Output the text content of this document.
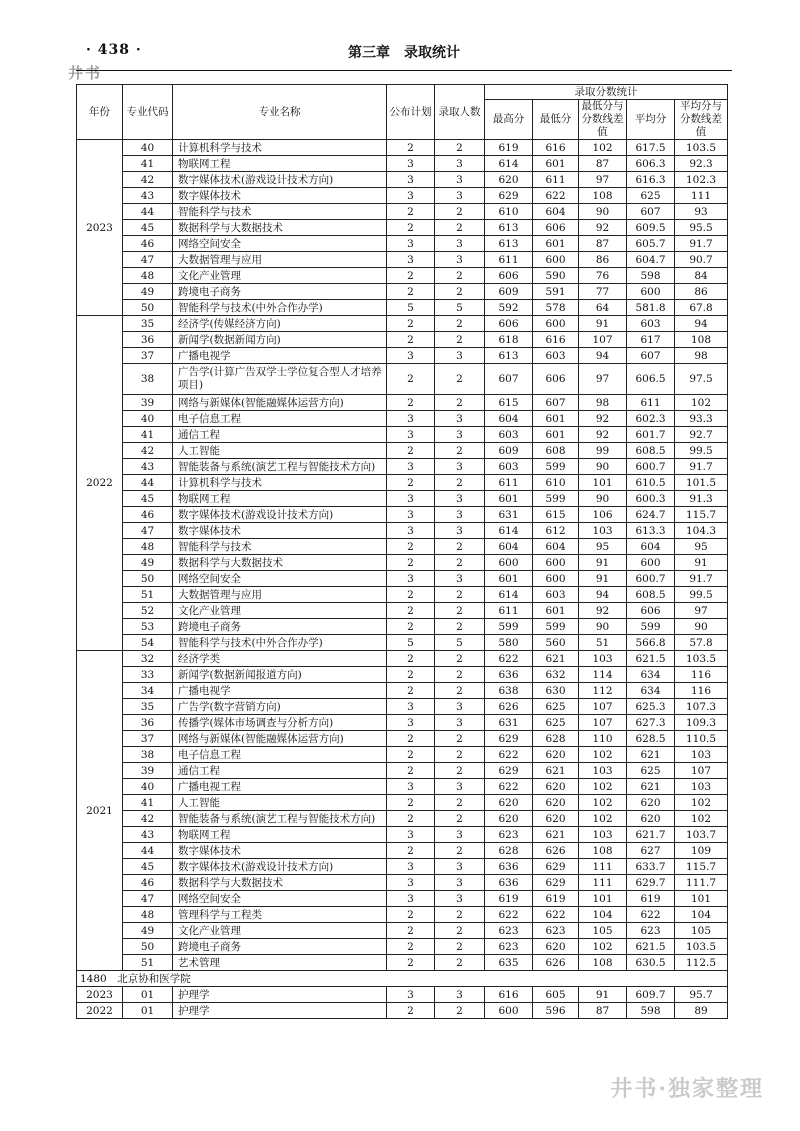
· 438 ·	第三章　录取统计
井书
年份	专业代码	专业名称	公布计划	录取人数	录取分数统计				
					最高分	最低分	最低分与分数线差值	平均分	平均分与分数线差值
2023	40	计算机科学与技术	2	2	619	616	102	617.5	103.5
	41	物联网工程	3	3	614	601	87	606.3	92.3
	42	数字媒体技术(游戏设计技术方向)	3	3	620	611	97	616.3	102.3
	43	数字媒体技术	3	3	629	622	108	625	111
	44	智能科学与技术	2	2	610	604	90	607	93
	45	数据科学与大数据技术	2	2	613	606	92	609.5	95.5
	46	网络空间安全	3	3	613	601	87	605.7	91.7
	47	大数据管理与应用	3	3	611	600	86	604.7	90.7
	48	文化产业管理	2	2	606	590	76	598	84
	49	跨境电子商务	2	2	609	591	77	600	86
	50	智能科学与技术(中外合作办学)	5	5	592	578	64	581.8	67.8
2022	35	经济学(传媒经济方向)	2	2	606	600	91	603	94
	36	新闻学(数据新闻方向)	2	2	618	616	107	617	108
	37	广播电视学	3	3	613	603	94	607	98
	38	广告学(计算广告双学士学位复合型人才培养项目)	2	2	607	606	97	606.5	97.5
	39	网络与新媒体(智能融媒体运营方向)	2	2	615	607	98	611	102
	40	电子信息工程	3	3	604	601	92	602.3	93.3
	41	通信工程	3	3	603	601	92	601.7	92.7
	42	人工智能	2	2	609	608	99	608.5	99.5
	43	智能装备与系统(演艺工程与智能技术方向)	3	3	603	599	90	600.7	91.7
	44	计算机科学与技术	2	2	611	610	101	610.5	101.5
	45	物联网工程	3	3	601	599	90	600.3	91.3
	46	数字媒体技术(游戏设计技术方向)	3	3	631	615	106	624.7	115.7
	47	数字媒体技术	3	3	614	612	103	613.3	104.3
	48	智能科学与技术	2	2	604	604	95	604	95
	49	数据科学与大数据技术	2	2	600	600	91	600	91
	50	网络空间安全	3	3	601	600	91	600.7	91.7
	51	大数据管理与应用	2	2	614	603	94	608.5	99.5
	52	文化产业管理	2	2	611	601	92	606	97
	53	跨境电子商务	2	2	599	599	90	599	90
	54	智能科学与技术(中外合作办学)	5	5	580	560	51	566.8	57.8
2021	32	经济学类	2	2	622	621	103	621.5	103.5
	33	新闻学(数据新闻报道方向)	2	2	636	632	114	634	116
	34	广播电视学	2	2	638	630	112	634	116
	35	广告学(数字营销方向)	3	3	626	625	107	625.3	107.3
	36	传播学(媒体市场调查与分析方向)	3	3	631	625	107	627.3	109.3
	37	网络与新媒体(智能融媒体运营方向)	2	2	629	628	110	628.5	110.5
	38	电子信息工程	2	2	622	620	102	621	103
	39	通信工程	2	2	629	621	103	625	107
	40	广播电视工程	3	3	622	620	102	621	103
	41	人工智能	2	2	620	620	102	620	102
	42	智能装备与系统(演艺工程与智能技术方向)	2	2	620	620	102	620	102
	43	物联网工程	3	3	623	621	103	621.7	103.7
	44	数字媒体技术	2	2	628	626	108	627	109
	45	数字媒体技术(游戏设计技术方向)	3	3	636	629	111	633.7	115.7
	46	数据科学与大数据技术	3	3	636	629	111	629.7	111.7
	47	网络空间安全	3	3	619	619	101	619	101
	48	管理科学与工程类	2	2	622	622	104	622	104
	49	文化产业管理	2	2	623	623	105	623	105
	50	跨境电子商务	2	2	623	620	102	621.5	103.5
	51	艺术管理	2	2	635	626	108	630.5	112.5
1480　北京协和医学院									
2023	01	护理学	3	3	616	605	91	609.7	95.7
2022	01	护理学	2	2	600	596	87	598	89
井书·独家整理
